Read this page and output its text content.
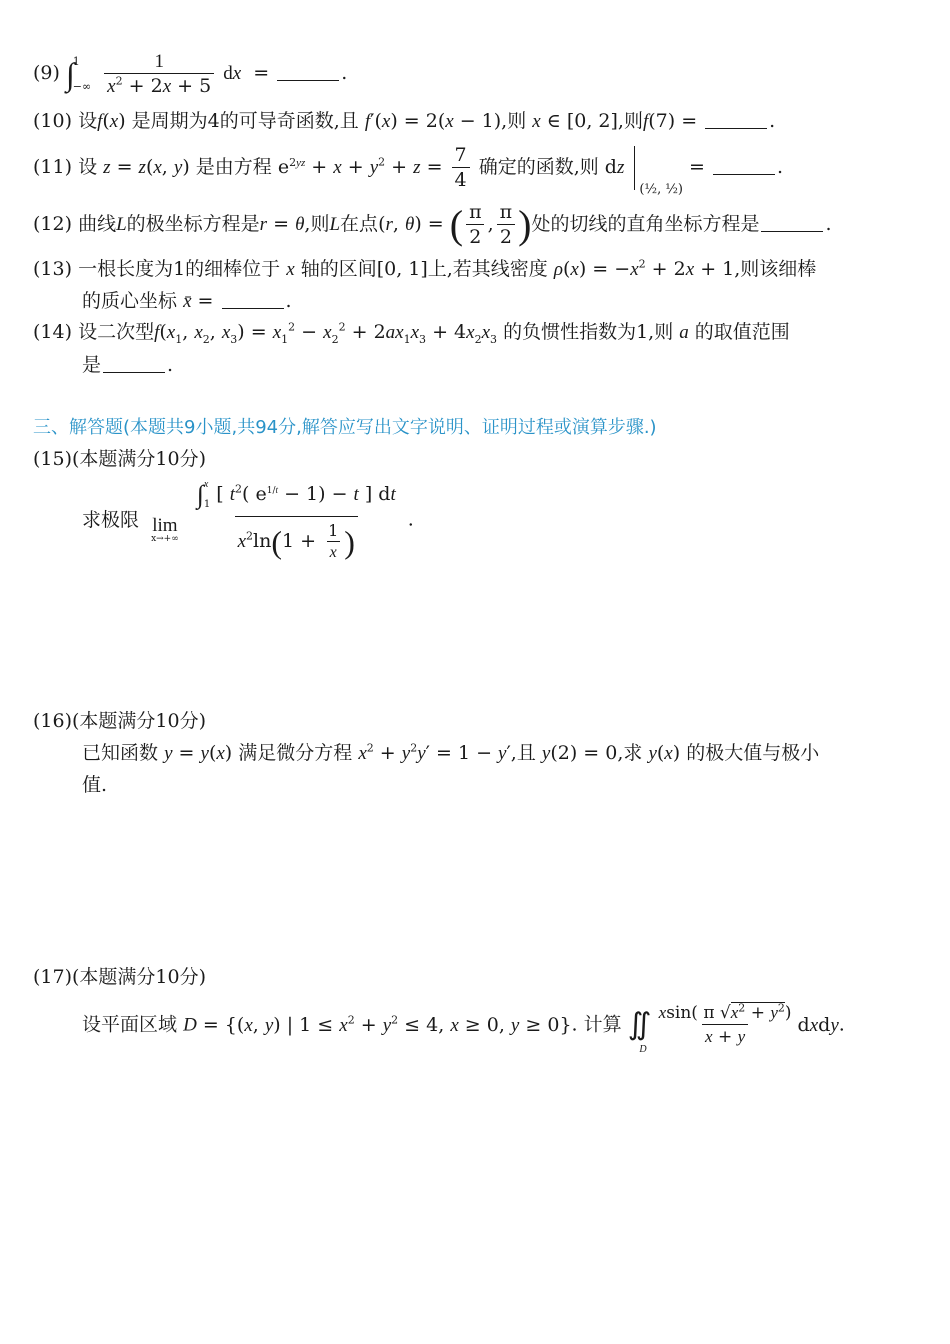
(9) ∫
1
−∞
$\frac{1}{x^2 + 2x + 5}$ dx =	.
(10) 设f(x) 是周期为4的可导奇函数,且 f′(x) = 2(x − 1),则 x ∈ [0, 2],则f(7) =	.
(11) 设 z = z(x, y) 是由方程 $e^{2yz} + x + y^2 + z = \frac{7}{4}$ 确定的函数,则 dz $_{(\frac{1}{2}, \frac{1}{2})}$ =	.
(12) 曲线L的极坐标方程是r = θ,则L在点(r, θ) = ( $\frac{\pi}{2}$ , $\frac{\pi}{2}$ )处的切线的直角坐标方程是	.
(13) 一根长度为1的细棒位于 x 轴的区间[0, 1]上,若其线密度 $\rho(x) = -x^2 + 2x + 1$,则该细棒
的质心坐标 x̄ =	.
(14) 设二次型$f(x_1$, $x_2$, $x_3) = x_1^2 - x_2^2 + 2ax_1x_3 + 4x_2x_3$ 的负惯性指数为1,则 a 的取值范围
是	.
三、解答题(本题共9小题,共94分,解答应写出文字说明、证明过程或演算步骤.)
(15)(本题满分10分)
求极限 lim
x→+∞
∫ x
1 [ $t^2$( $e^{1/t} - 1) - t$ ] dt
$x^2\ln(1 + \frac{1}{x}$ ) .
(16)(本题满分10分)
已知函数 y = y(x) 满足微分方程 $x^2 + y^2y' = 1 - y'$,且 y(2) = 0,求 y(x) 的极大值与极小
值.
(17)(本题满分10分)
设平面区域 D = {(x, y) | $1 \le x^2 + y^2 \le 4$, x ≥ 0, y ≥ 0}. 计算 $∬_D$
$\frac{xsin( \pi √x^2 + y^2)}{x + y}$ dxdy.
